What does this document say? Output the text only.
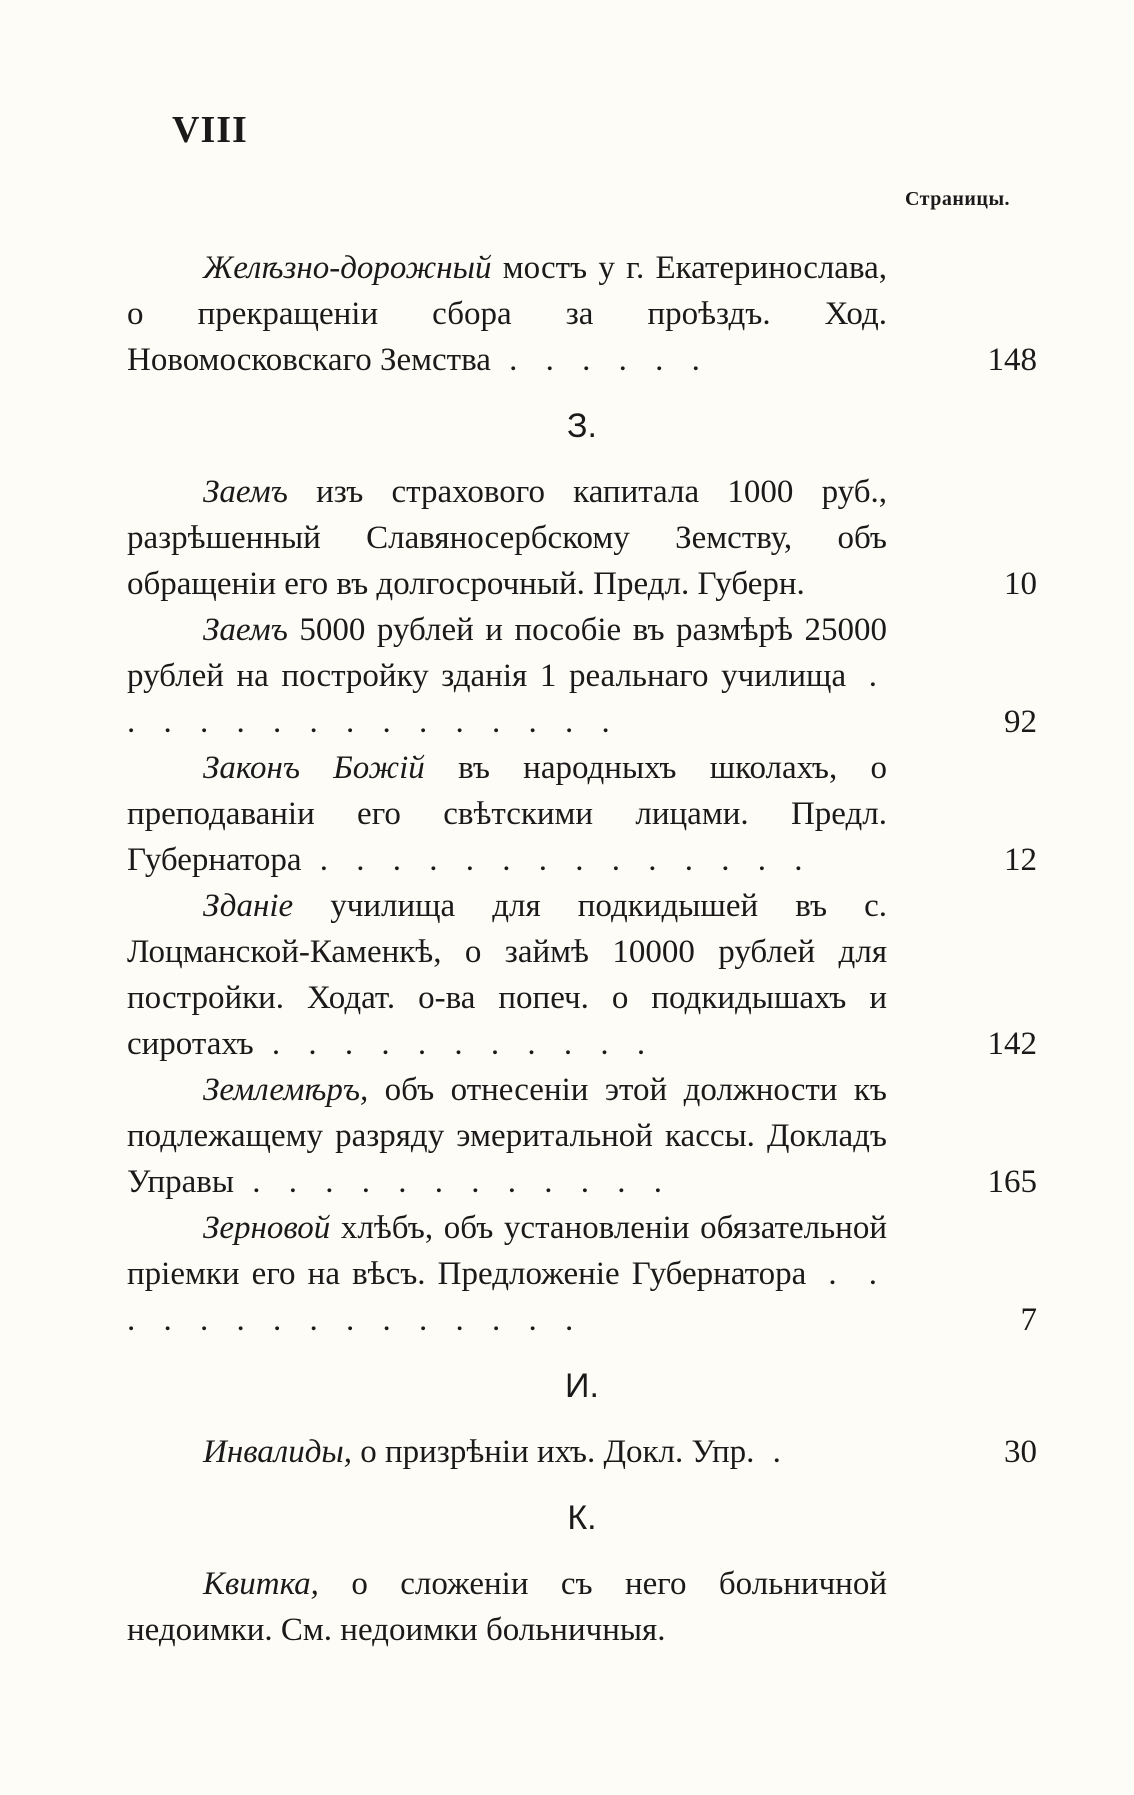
VIII
Страницы.
Желѣзно-дорожный мостъ у г. Екатеринослава, о прекращеніи сбора за проѣздъ. Ход. Новомосковскаго Земства . . . . . .	148
З.
Заемъ изъ страхового капитала 1000 руб., разрѣшенный Славяносербскому Земству, объ обращеніи его въ долгосрочный. Предл. Губерн.	10
Заемъ 5000 рублей и пособіе въ размѣрѣ 25000 рублей на постройку зданія 1 реальнаго училища . . . . . . . . . . . . . . .	92
Законъ Божій въ народныхъ школахъ, о преподаваніи его свѣтскими лицами. Предл. Губернатора . . . . . . . . . . . . . .	12
Зданіе училища для подкидышей въ с. Лоцманской-Каменкѣ, о займѣ 10000 рублей для постройки. Ходат. о-ва попеч. о подкидышахъ и сиротахъ . . . . . . . . . . .	142
Землемѣръ, объ отнесеніи этой должности къ подлежащему разряду эмеритальной кассы. Докладъ Управы . . . . . . . . . . . .	165
Зерновой хлѣбъ, объ установленіи обязательной пріемки его на вѣсъ. Предложеніе Губернатора . . . . . . . . . . . . . . .	7
И.
Инвалиды, о призрѣніи ихъ. Докл. Упр. .	30
К.
Квитка, о сложеніи съ него больничной недоимки. См. недоимки больничныя.
